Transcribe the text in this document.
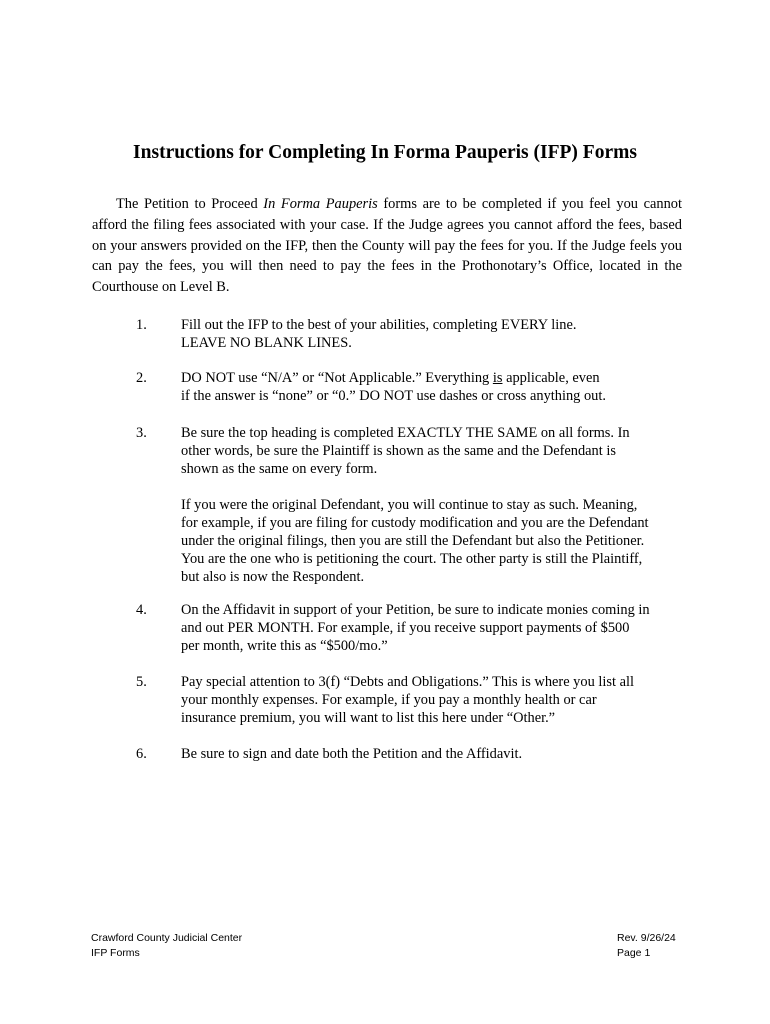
Instructions for Completing In Forma Pauperis (IFP) Forms
The Petition to Proceed In Forma Pauperis forms are to be completed if you feel you cannot afford the filing fees associated with your case. If the Judge agrees you cannot afford the fees, based on your answers provided on the IFP, then the County will pay the fees for you. If the Judge feels you can pay the fees, you will then need to pay the fees in the Prothonotary’s Office, located in the Courthouse on Level B.
1.	Fill out the IFP to the best of your abilities, completing EVERY line.
LEAVE NO BLANK LINES.
2.	DO NOT use “N/A” or “Not Applicable.” Everything is applicable, even
if the answer is “none” or “0.” DO NOT use dashes or cross anything out.
3.	Be sure the top heading is completed EXACTLY THE SAME on all forms. In other words, be sure the Plaintiff is shown as the same and the Defendant is shown as the same on every form.

If you were the original Defendant, you will continue to stay as such. Meaning, for example, if you are filing for custody modification and you are the Defendant under the original filings, then you are still the Defendant but also the Petitioner. You are the one who is petitioning the court. The other party is still the Plaintiff, but also is now the Respondent.

4.	On the Affidavit in support of your Petition, be sure to indicate monies coming in and out PER MONTH. For example, if you receive support payments of $500 per month, write this as “$500/mo.”
5.	Pay special attention to 3(f) “Debts and Obligations.” This is where you list all your monthly expenses. For example, if you pay a monthly health or car insurance premium, you will want to list this here under “Other.”
6.	Be sure to sign and date both the Petition and the Affidavit.
Crawford County Judicial Center
IFP Forms
Rev. 9/26/24
Page 1
